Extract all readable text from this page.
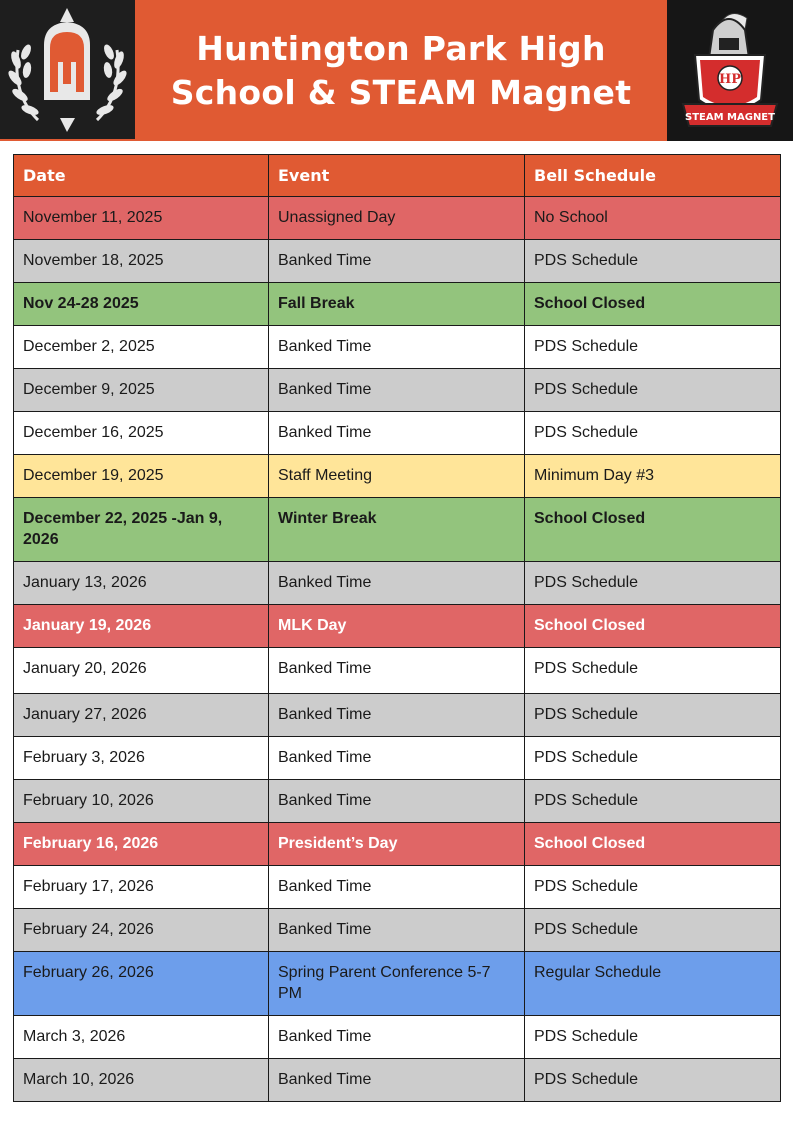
Huntington Park High
School & STEAM Magnet	HP
STEAM MAGNET
Date	Event	Bell Schedule
November 11, 2025	Unassigned Day	No School
November 18, 2025	Banked Time	PDS Schedule
Nov 24-28 2025	Fall Break	School Closed
December 2, 2025	Banked Time	PDS Schedule
December 9, 2025	Banked Time	PDS Schedule
December 16, 2025	Banked Time	PDS Schedule
December 19, 2025	Staff Meeting	Minimum Day #3
December 22, 2025 -Jan 9, 2026	Winter Break	School Closed
January 13, 2026	Banked Time	PDS Schedule
January 19, 2026	MLK Day	School Closed
January 20, 2026	Banked Time	PDS Schedule
January 27, 2026	Banked Time	PDS Schedule
February 3, 2026	Banked Time	PDS Schedule
February 10, 2026	Banked Time	PDS Schedule
February 16, 2026	President’s Day	School Closed
February 17, 2026	Banked Time	PDS Schedule
February 24, 2026	Banked Time	PDS Schedule
February 26, 2026	Spring Parent Conference 5-7 PM	Regular Schedule
March 3, 2026	Banked Time	PDS Schedule
March 10, 2026	Banked Time	PDS Schedule
